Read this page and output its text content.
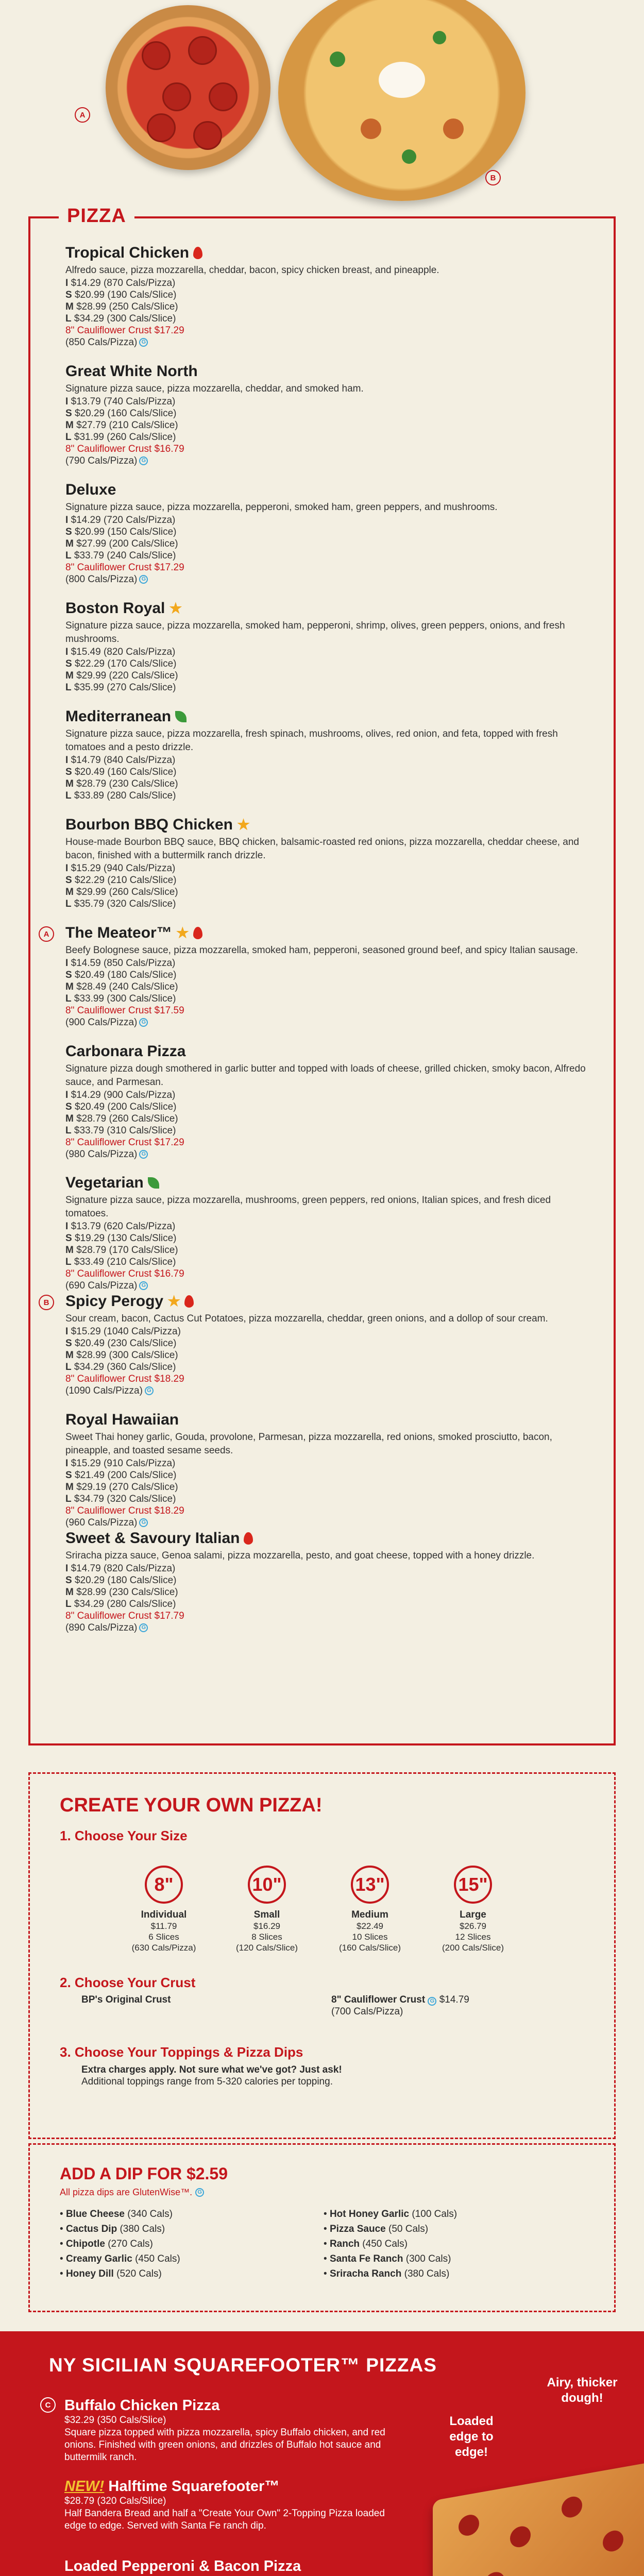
A
B
PIZZA
Tropical Chicken
Alfredo sauce, pizza mozzarella, cheddar, bacon, spicy chicken breast, and pineapple.
I $14.29 (870 Cals/Pizza)
S $20.99 (190 Cals/Slice)
M $28.99 (250 Cals/Slice)
L $34.29 (300 Cals/Slice)
8" Cauliflower Crust $17.29
(850 Cals/Pizza) G
Great White North
Signature pizza sauce, pizza mozzarella, cheddar, and smoked ham.
I $13.79 (740 Cals/Pizza)
S $20.29 (160 Cals/Slice)
M $27.79 (210 Cals/Slice)
L $31.99 (260 Cals/Slice)
8" Cauliflower Crust $16.79
(790 Cals/Pizza) G
Deluxe
Signature pizza sauce, pizza mozzarella, pepperoni, smoked ham, green peppers, and mushrooms.
I $14.29 (720 Cals/Pizza)
S $20.99 (150 Cals/Slice)
M $27.99 (200 Cals/Slice)
L $33.79 (240 Cals/Slice)
8" Cauliflower Crust $17.29
(800 Cals/Pizza) G
Boston Royal ★
Signature pizza sauce, pizza mozzarella, smoked ham, pepperoni, shrimp, olives, green peppers, onions, and fresh mushrooms.
I $15.49 (820 Cals/Pizza)
S $22.29 (170 Cals/Slice)
M $29.99 (220 Cals/Slice)
L $35.99 (270 Cals/Slice)
Mediterranean
Signature pizza sauce, pizza mozzarella, fresh spinach, mushrooms, olives, red onion, and feta, topped with fresh tomatoes and a pesto drizzle.
I $14.79 (840 Cals/Pizza)
S $20.49 (160 Cals/Slice)
M $28.79 (230 Cals/Slice)
L $33.89 (280 Cals/Slice)
Bourbon BBQ Chicken ★
House-made Bourbon BBQ sauce, BBQ chicken, balsamic-roasted red onions, pizza mozzarella, cheddar cheese, and bacon, finished with a buttermilk ranch drizzle.
I $15.29 (940 Cals/Pizza)
S $22.29 (210 Cals/Slice)
M $29.99 (260 Cals/Slice)
L $35.79 (320 Cals/Slice)
A	The Meateor™ ★
Beefy Bolognese sauce, pizza mozzarella, smoked ham, pepperoni, seasoned ground beef, and spicy Italian sausage.
I $14.59 (850 Cals/Pizza)
S $20.49 (180 Cals/Slice)
M $28.49 (240 Cals/Slice)
L $33.99 (300 Cals/Slice)
8" Cauliflower Crust $17.59
(900 Cals/Pizza) G
Carbonara Pizza
Signature pizza dough smothered in garlic butter and topped with loads of cheese, grilled chicken, smoky bacon, Alfredo sauce, and Parmesan.
I $14.29 (900 Cals/Pizza)
S $20.49 (200 Cals/Slice)
M $28.79 (260 Cals/Slice)
L $33.79 (310 Cals/Slice)
8" Cauliflower Crust $17.29
(980 Cals/Pizza) G
Vegetarian
Signature pizza sauce, pizza mozzarella, mushrooms, green peppers, red onions, Italian spices, and fresh diced tomatoes.
I $13.79 (620 Cals/Pizza)
S $19.29 (130 Cals/Slice)
M $28.79 (170 Cals/Slice)
L $33.49 (210 Cals/Slice)
8" Cauliflower Crust $16.79
(690 Cals/Pizza) G
B	Spicy Perogy ★
Sour cream, bacon, Cactus Cut Potatoes, pizza mozzarella, cheddar, green onions, and a dollop of sour cream.
I $15.29 (1040 Cals/Pizza)
S $20.49 (230 Cals/Slice)
M $28.99 (300 Cals/Slice)
L $34.29 (360 Cals/Slice)
8" Cauliflower Crust $18.29
(1090 Cals/Pizza) G
Royal Hawaiian
Sweet Thai honey garlic, Gouda, provolone, Parmesan, pizza mozzarella, red onions, smoked prosciutto, bacon, pineapple, and toasted sesame seeds.
I $15.29 (910 Cals/Pizza)
S $21.49 (200 Cals/Slice)
M $29.19 (270 Cals/Slice)
L $34.79 (320 Cals/Slice)
8" Cauliflower Crust $18.29
(960 Cals/Pizza) G
Sweet & Savoury Italian
Sriracha pizza sauce, Genoa salami, pizza mozzarella, pesto, and goat cheese, topped with a honey drizzle.
I $14.79 (820 Cals/Pizza)
S $20.29 (180 Cals/Slice)
M $28.99 (230 Cals/Slice)
L $34.29 (280 Cals/Slice)
8" Cauliflower Crust $17.79
(890 Cals/Pizza) G
CREATE YOUR OWN PIZZA!
1. Choose Your Size
8"
Individual
$11.79
6 Slices
(630 Cals/Pizza)
10"
Small
$16.29
8 Slices
(120 Cals/Slice)
13"
Medium
$22.49
10 Slices
(160 Cals/Slice)
15"
Large
$26.79
12 Slices
(200 Cals/Slice)
2. Choose Your Crust
BP's Original Crust	8" Cauliflower Crust G $14.79
(700 Cals/Pizza)
3. Choose Your Toppings & Pizza Dips
Extra charges apply. Not sure what we've got? Just ask!
Additional toppings range from 5-320 calories per topping.
ADD A DIP FOR $2.59
All pizza dips are GlutenWise™. G
• Blue Cheese (340 Cals)
• Cactus Dip (380 Cals)
• Chipotle (270 Cals)
• Creamy Garlic (450 Cals)
• Honey Dill (520 Cals)
• Hot Honey Garlic (100 Cals)
• Pizza Sauce (50 Cals)
• Ranch (450 Cals)
• Santa Fe Ranch (300 Cals)
• Sriracha Ranch (380 Cals)
NY SICILIAN SQUAREFOOTER™ PIZZAS
C Buffalo Chicken Pizza
$32.29 (350 Cals/Slice)
Square pizza topped with pizza mozzarella, spicy Buffalo chicken, and red onions. Finished with green onions, and drizzles of Buffalo hot sauce and buttermilk ranch.
NEW! Halftime Squarefooter™
$28.79 (320 Cals/Slice)
Half Bandera Bread and half a "Create Your Own" 2-Topping Pizza loaded edge to edge. Served with Santa Fe ranch dip.
Loaded Pepperoni & Bacon Pizza
Airy, thicker dough!
Loaded edge to edge!
